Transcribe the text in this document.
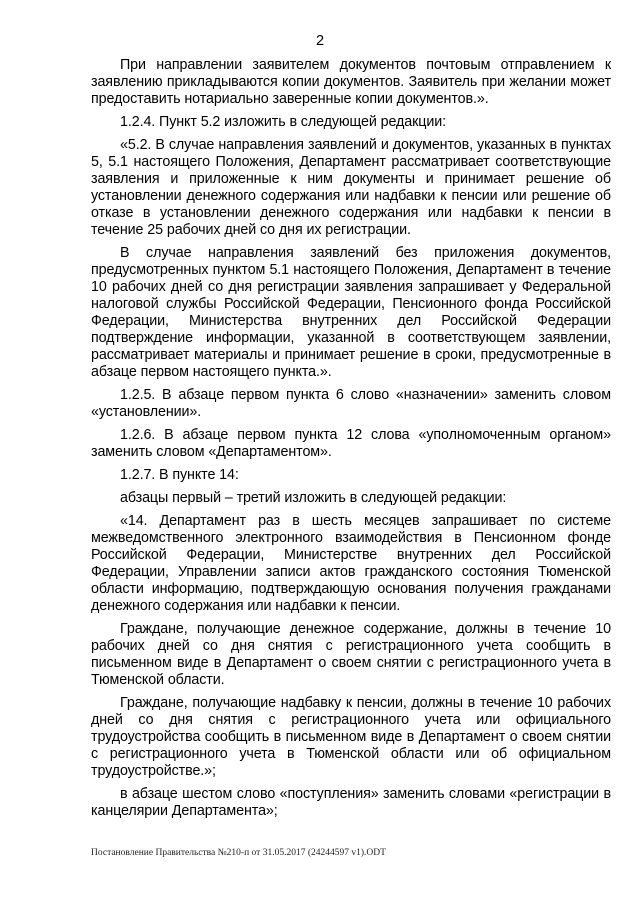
2

При направлении заявителем документов почтовым отправлением к заявлению прикладываются копии документов. Заявитель при желании может предоставить нотариально заверенные копии документов.».

1.2.4. Пункт 5.2 изложить в следующей редакции:

«5.2. В случае направления заявлений и документов, указанных в пунктах 5, 5.1 настоящего Положения, Департамент рассматривает соответствующие заявления и приложенные к ним документы и принимает решение об установлении денежного содержания или надбавки к пенсии или решение об отказе в установлении денежного содержания или надбавки к пенсии в течение 25 рабочих дней со дня их регистрации.

В случае направления заявлений без приложения документов, предусмотренных пунктом 5.1 настоящего Положения, Департамент в течение 10 рабочих дней со дня регистрации заявления запрашивает у Федеральной налоговой службы Российской Федерации, Пенсионного фонда Российской Федерации, Министерства внутренних дел Российской Федерации подтверждение информации, указанной в соответствующем заявлении, рассматривает материалы и принимает решение в сроки, предусмотренные в абзаце первом настоящего пункта.».

1.2.5. В абзаце первом пункта 6 слово «назначении» заменить словом «установлении».

1.2.6. В абзаце первом пункта 12 слова «уполномоченным органом» заменить словом «Департаментом».

1.2.7. В пункте 14:

абзацы первый – третий изложить в следующей редакции:

«14. Департамент раз в шесть месяцев запрашивает по системе межведомственного электронного взаимодействия в Пенсионном фонде Российской Федерации, Министерстве внутренних дел Российской Федерации, Управлении записи актов гражданского состояния Тюменской области информацию, подтверждающую основания получения гражданами денежного содержания или надбавки к пенсии.

Граждане, получающие денежное содержание, должны в течение 10 рабочих дней со дня снятия с регистрационного учета сообщить в письменном виде в Департамент о своем снятии с регистрационного учета в Тюменской области.

Граждане, получающие надбавку к пенсии, должны в течение 10 рабочих дней со дня снятия с регистрационного учета или официального трудоустройства сообщить в письменном виде в Департамент о своем снятии с регистрационного учета в Тюменской области или об официальном трудоустройстве.»;

в абзаце шестом слово «поступления» заменить словами «регистрации в канцелярии Департамента»;

Постановление Правительства №210-п от 31.05.2017 (24244597 v1).ODT
